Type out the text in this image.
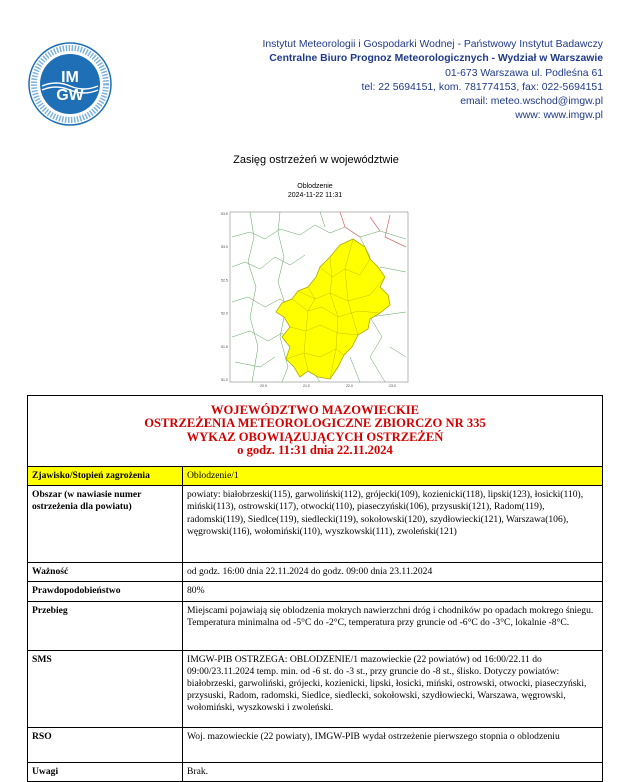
IM
GW
Instytut Meteorologii i Gospodarki Wodnej - Państwowy Instytut Badawczy
Centralne Biuro Prognoz Meteorologicznych - Wydział w Warszawie
01-673 Warszawa ul. Podleśna 61
tel: 22 5694151, kom. 781774153, fax: 022-5694151
email: meteo.wschod@imgw.pl
www: www.imgw.pl
Zasięg ostrzeżeń w województwie
Oblodzenie
2024-11-22 11:31
53.5
53.0
52.5
52.0
51.5
51.0
20.0	21.0	22.0	23.0
WOJEWÓDZTWO MAZOWIECKIE
OSTRZEŻENIA METEOROLOGICZNE ZBIORCZO NR 335
WYKAZ OBOWIĄZUJĄCYCH OSTRZEŻEŃ
o godz. 11:31 dnia 22.11.2024
Zjawisko/Stopień zagrożenia	Oblodzenie/1
Obszar (w nawiasie numer ostrzeżenia dla powiatu)	powiaty: białobrzeski(115), garwoliński(112), grójecki(109), kozienicki(118), lipski(123), łosicki(110), miński(113), ostrowski(117), otwocki(110), piaseczyński(106), przysuski(121), Radom(119), radomski(119), Siedlce(119), siedlecki(119), sokołowski(120), szydłowiecki(121), Warszawa(106), węgrowski(116), wołomiński(110), wyszkowski(111), zwoleński(121)
Ważność	od godz. 16:00 dnia 22.11.2024 do godz. 09:00 dnia 23.11.2024
Prawdopodobieństwo	80%
Przebieg	Miejscami pojawiają się oblodzenia mokrych nawierzchni dróg i chodników po opadach mokrego śniegu. Temperatura minimalna od -5°C do -2°C, temperatura przy gruncie od -6°C do -3°C, lokalnie -8°C.
SMS	IMGW-PIB OSTRZEGA: OBLODZENIE/1 mazowieckie (22 powiatów) od 16:00/22.11 do 09:00/23.11.2024 temp. min. od -6 st. do -3 st., przy gruncie do -8 st., ślisko. Dotyczy powiatów: białobrzeski, garwoliński, grójecki, kozienicki, lipski, łosicki, miński, ostrowski, otwocki, piaseczyński, przysuski, Radom, radomski, Siedlce, siedlecki, sokołowski, szydłowiecki, Warszawa, węgrowski, wołomiński, wyszkowski i zwoleński.
RSO	Woj. mazowieckie (22 powiaty), IMGW-PIB wydał ostrzeżenie pierwszego stopnia o oblodzeniu
Uwagi	Brak.
